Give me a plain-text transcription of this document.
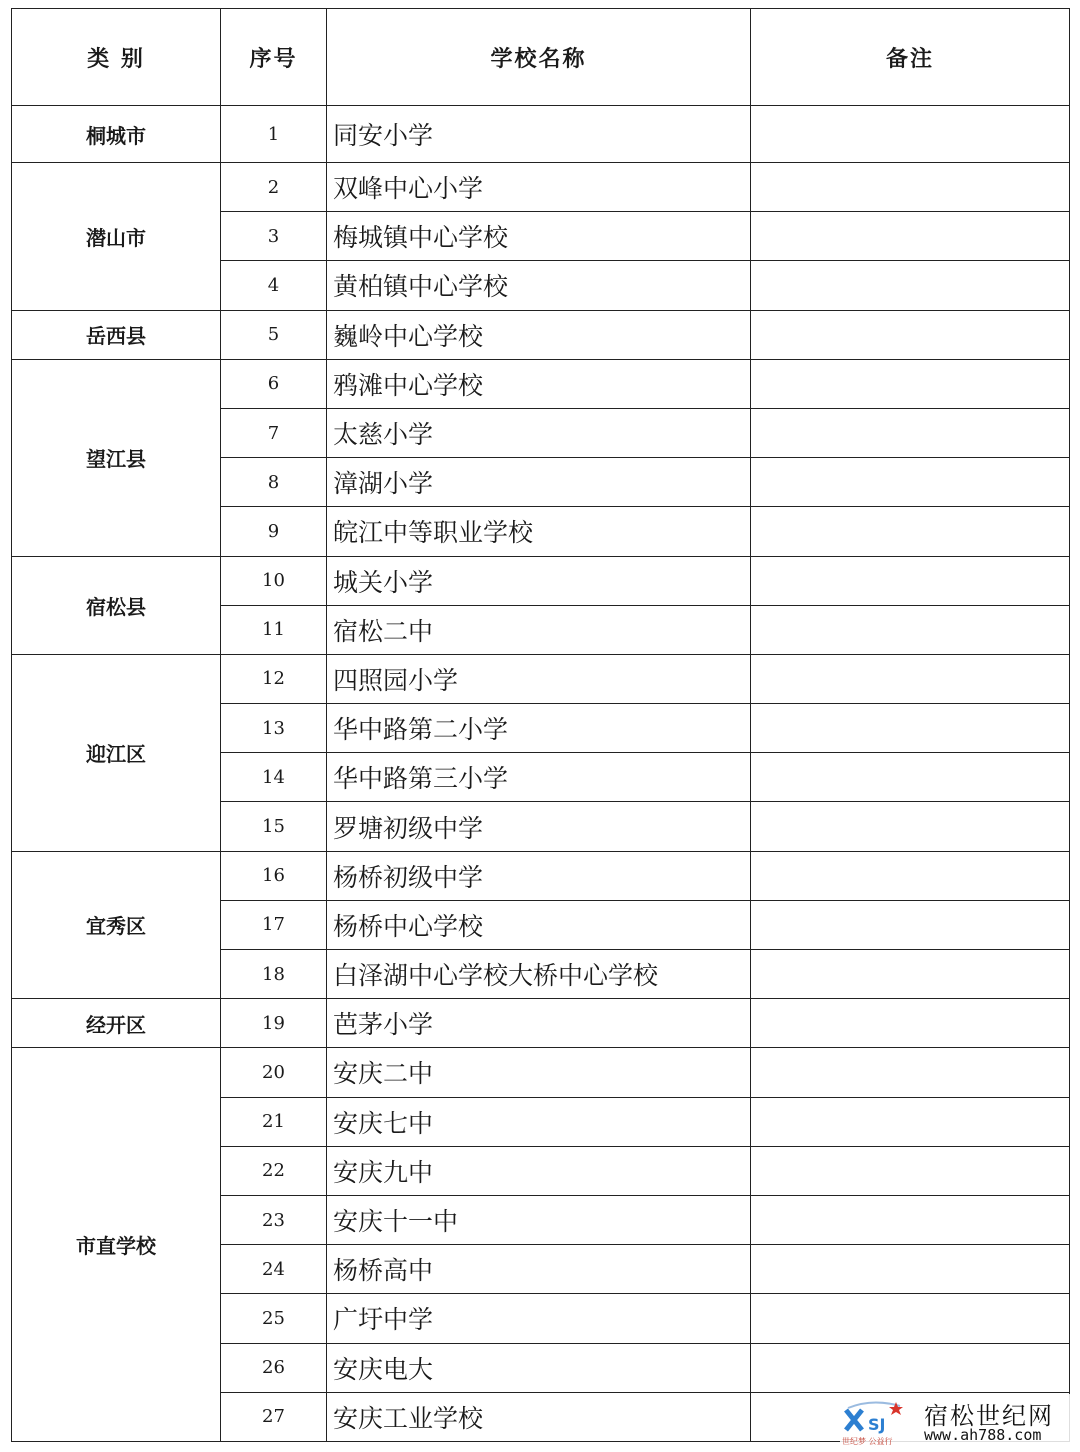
类 别	序号	学校名称	备注
桐城市	1	同安小学	
潜山市	2	双峰中心小学	
	3	梅城镇中心学校	
	4	黄柏镇中心学校	
岳西县	5	巍岭中心学校	
望江县	6	鸦滩中心学校	
	7	太慈小学	
	8	漳湖小学	
	9	皖江中等职业学校	
宿松县	10	城关小学	
	11	宿松二中	
迎江区	12	四照园小学	
	13	华中路第二小学	
	14	华中路第三小学	
	15	罗塘初级中学	
宜秀区	16	杨桥初级中学	
	17	杨桥中心学校	
	18	白泽湖中心学校大桥中心学校	
经开区	19	芭茅小学	
市直学校	20	安庆二中	
	21	安庆七中	
	22	安庆九中	
	23	安庆十一中	
	24	杨桥高中	
	25	广圩中学	
	26	安庆电大	
	27	安庆工业学校		SJ
世纪梦 公益行
宿松世纪网
www.ah788.com
